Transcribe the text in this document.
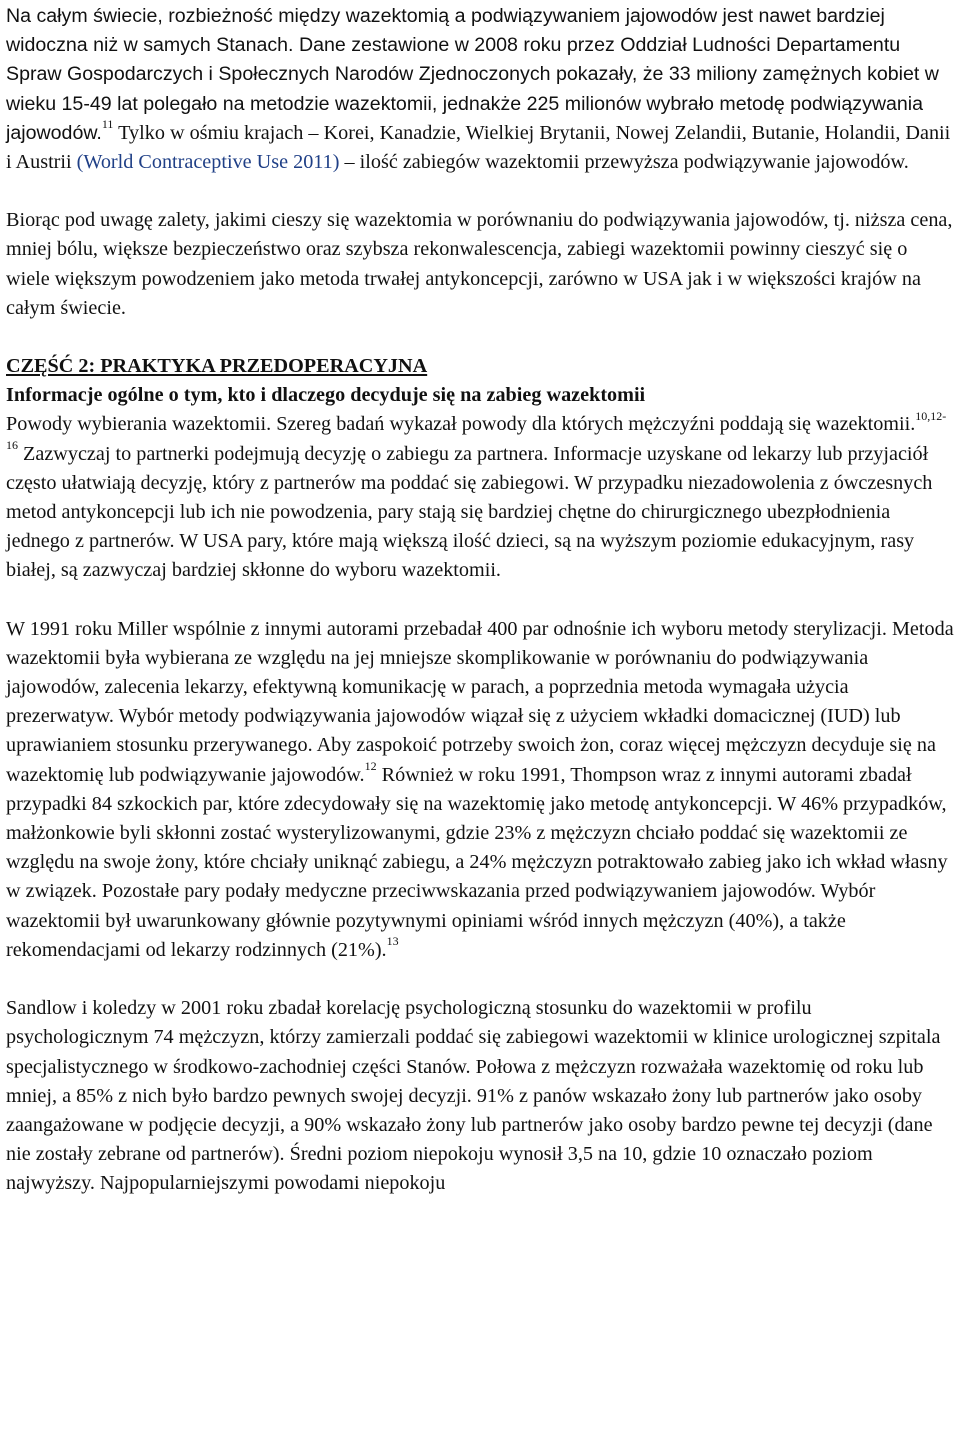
Na całym świecie, rozbieżność między wazektomią a podwiązywaniem jajowodów jest nawet bardziej widoczna niż w samych Stanach. Dane zestawione w 2008 roku przez Oddział Ludności Departamentu Spraw Gospodarczych i Społecznych Narodów Zjednoczonych pokazały, że 33 miliony zamężnych kobiet w wieku 15-49 lat polegało na metodzie wazektomii, jednakże 225 milionów wybrało metodę podwiązywania jajowodów.$^{11}$ Tylko w ośmiu krajach – Korei, Kanadzie, Wielkiej Brytanii, Nowej Zelandii, Butanie, Holandii, Danii i Austrii (World Contraceptive Use 2011) – ilość zabiegów wazektomii przewyższa podwiązywanie jajowodów.

Biorąc pod uwagę zalety, jakimi cieszy się wazektomia w porównaniu do podwiązywania jajowodów, tj. niższa cena, mniej bólu, większe bezpieczeństwo oraz szybsza rekonwalescencja, zabiegi wazektomii powinny cieszyć się o wiele większym powodzeniem jako metoda trwałej antykoncepcji, zarówno w USA jak i w większości krajów na całym świecie.

CZĘŚĆ 2: PRAKTYKA PRZEDOPERACYJNA

Informacje ogólne o tym, kto i dlaczego decyduje się na zabieg wazektomii

Powody wybierania wazektomii. Szereg badań wykazał powody dla których mężczyźni poddają się wazektomii.$^{10,12-16}$ Zazwyczaj to partnerki podejmują decyzję o zabiegu za partnera. Informacje uzyskane od lekarzy lub przyjaciół często ułatwiają decyzję, który z partnerów ma poddać się zabiegowi. W przypadku niezadowolenia z ówczesnych metod antykoncepcji lub ich nie powodzenia, pary stają się bardziej chętne do chirurgicznego ubezpłodnienia jednego z partnerów. W USA pary, które mają większą ilość dzieci, są na wyższym poziomie edukacyjnym, rasy białej, są zazwyczaj bardziej skłonne do wyboru wazektomii.

W 1991 roku Miller wspólnie z innymi autorami przebadał 400 par odnośnie ich wyboru metody sterylizacji. Metoda wazektomii była wybierana ze względu na jej mniejsze skomplikowanie w porównaniu do podwiązywania jajowodów, zalecenia lekarzy, efektywną komunikację w parach, a poprzednia metoda wymagała użycia prezerwatyw. Wybór metody podwiązywania jajowodów wiązał się z użyciem wkładki domacicznej (IUD) lub uprawianiem stosunku przerywanego. Aby zaspokoić potrzeby swoich żon, coraz więcej mężczyzn decyduje się na wazektomię lub podwiązywanie jajowodów.$^{12}$ Również w roku 1991, Thompson wraz z innymi autorami zbadał przypadki 84 szkockich par, które zdecydowały się na wazektomię jako metodę antykoncepcji. W 46% przypadków, małżonkowie byli skłonni zostać wysterylizowanymi, gdzie 23% z mężczyzn chciało poddać się wazektomii ze względu na swoje żony, które chciały uniknąć zabiegu, a 24% mężczyzn potraktowało zabieg jako ich wkład własny w związek. Pozostałe pary podały medyczne przeciwwskazania przed podwiązywaniem jajowodów. Wybór wazektomii był uwarunkowany głównie pozytywnymi opiniami wśród innych mężczyzn (40%), a także rekomendacjami od lekarzy rodzinnych (21%).$^{13}$

Sandlow i koledzy w 2001 roku zbadał korelację psychologiczną stosunku do wazektomii w profilu psychologicznym 74 mężczyzn, którzy zamierzali poddać się zabiegowi wazektomii w klinice urologicznej szpitala specjalistycznego w środkowo-zachodniej części Stanów. Połowa z mężczyzn rozważała wazektomię od roku lub mniej, a 85% z nich było bardzo pewnych swojej decyzji. 91% z panów wskazało żony lub partnerów jako osoby zaangażowane w podjęcie decyzji, a 90% wskazało żony lub partnerów jako osoby bardzo pewne tej decyzji (dane nie zostały zebrane od partnerów). Średni poziom niepokoju wynosił 3,5 na 10, gdzie 10 oznaczało poziom najwyższy. Najpopularniejszymi powodami niepokoju
